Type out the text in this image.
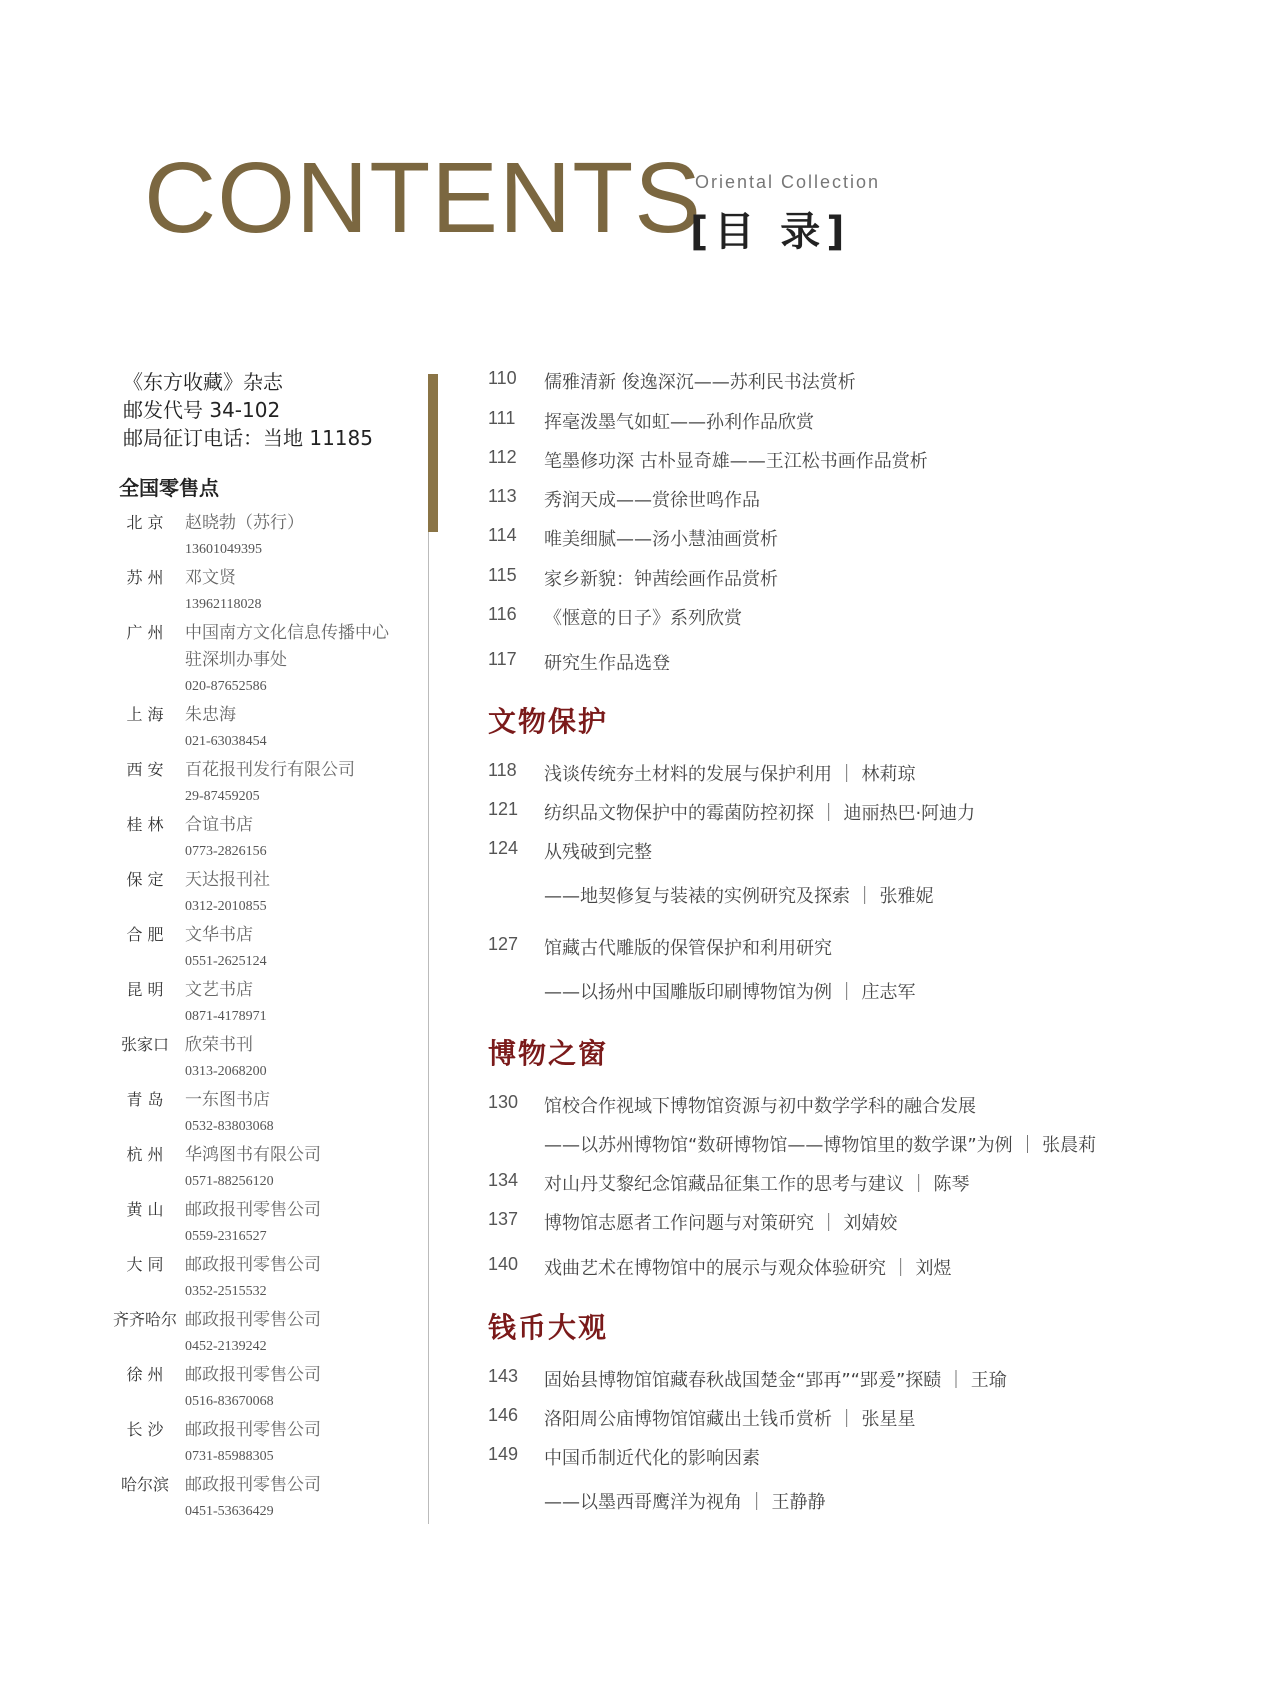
CONTENTS
Oriental Collection
[目 录]
《东方收藏》杂志
邮发代号 34-102
邮局征订电话：当地 11185
全国零售点
北 京	赵晓勃（苏行）
13601049395
苏 州	邓文贤
13962118028
广 州	中国南方文化信息传播中心
驻深圳办事处
020-87652586
上 海	朱忠海
021-63038454
西 安	百花报刊发行有限公司
29-87459205
桂 林	合谊书店
0773-2826156
保 定	天达报刊社
0312-2010855
合 肥	文华书店
0551-2625124
昆 明	文艺书店
0871-4178971
张家口 欣荣书刊
0313-2068200
青 岛	一东图书店
0532-83803068
杭 州	华鸿图书有限公司
0571-88256120
黄 山	邮政报刊零售公司
0559-2316527
大 同	邮政报刊零售公司
0352-2515532
齐齐哈尔 邮政报刊零售公司
0452-2139242
徐 州	邮政报刊零售公司
0516-83670068
长 沙	邮政报刊零售公司
0731-85988305
哈尔滨 邮政报刊零售公司
0451-53636429
110	儒雅清新 俊逸深沉——苏利民书法赏析
111	挥毫泼墨气如虹——孙利作品欣赏
112	笔墨修功深 古朴显奇雄——王江松书画作品赏析
113	秀润天成——赏徐世鸣作品
114	唯美细腻——汤小慧油画赏析
115	家乡新貌：钟茜绘画作品赏析
116	《惬意的日子》系列欣赏
117	研究生作品选登
文物保护
118	浅谈传统夯土材料的发展与保护利用 ｜ 林莉琼
121	纺织品文物保护中的霉菌防控初探 ｜ 迪丽热巴·阿迪力
124	从残破到完整
——地契修复与装裱的实例研究及探索 ｜ 张雅妮
127	馆藏古代雕版的保管保护和利用研究
——以扬州中国雕版印刷博物馆为例 ｜ 庄志军
博物之窗
130	馆校合作视域下博物馆资源与初中数学学科的融合发展
——以苏州博物馆“数研博物馆——博物馆里的数学课”为例 ｜ 张晨莉
134	对山丹艾黎纪念馆藏品征集工作的思考与建议 ｜ 陈琴
137	博物馆志愿者工作问题与对策研究 ｜ 刘婧姣
140	戏曲艺术在博物馆中的展示与观众体验研究 ｜ 刘煜
钱币大观
143	固始县博物馆馆藏春秋战国楚金“郢再”“郢爰”探赜 ｜ 王瑜
146	洛阳周公庙博物馆馆藏出土钱币赏析 ｜ 张星星
149	中国币制近代化的影响因素
——以墨西哥鹰洋为视角 ｜ 王静静
